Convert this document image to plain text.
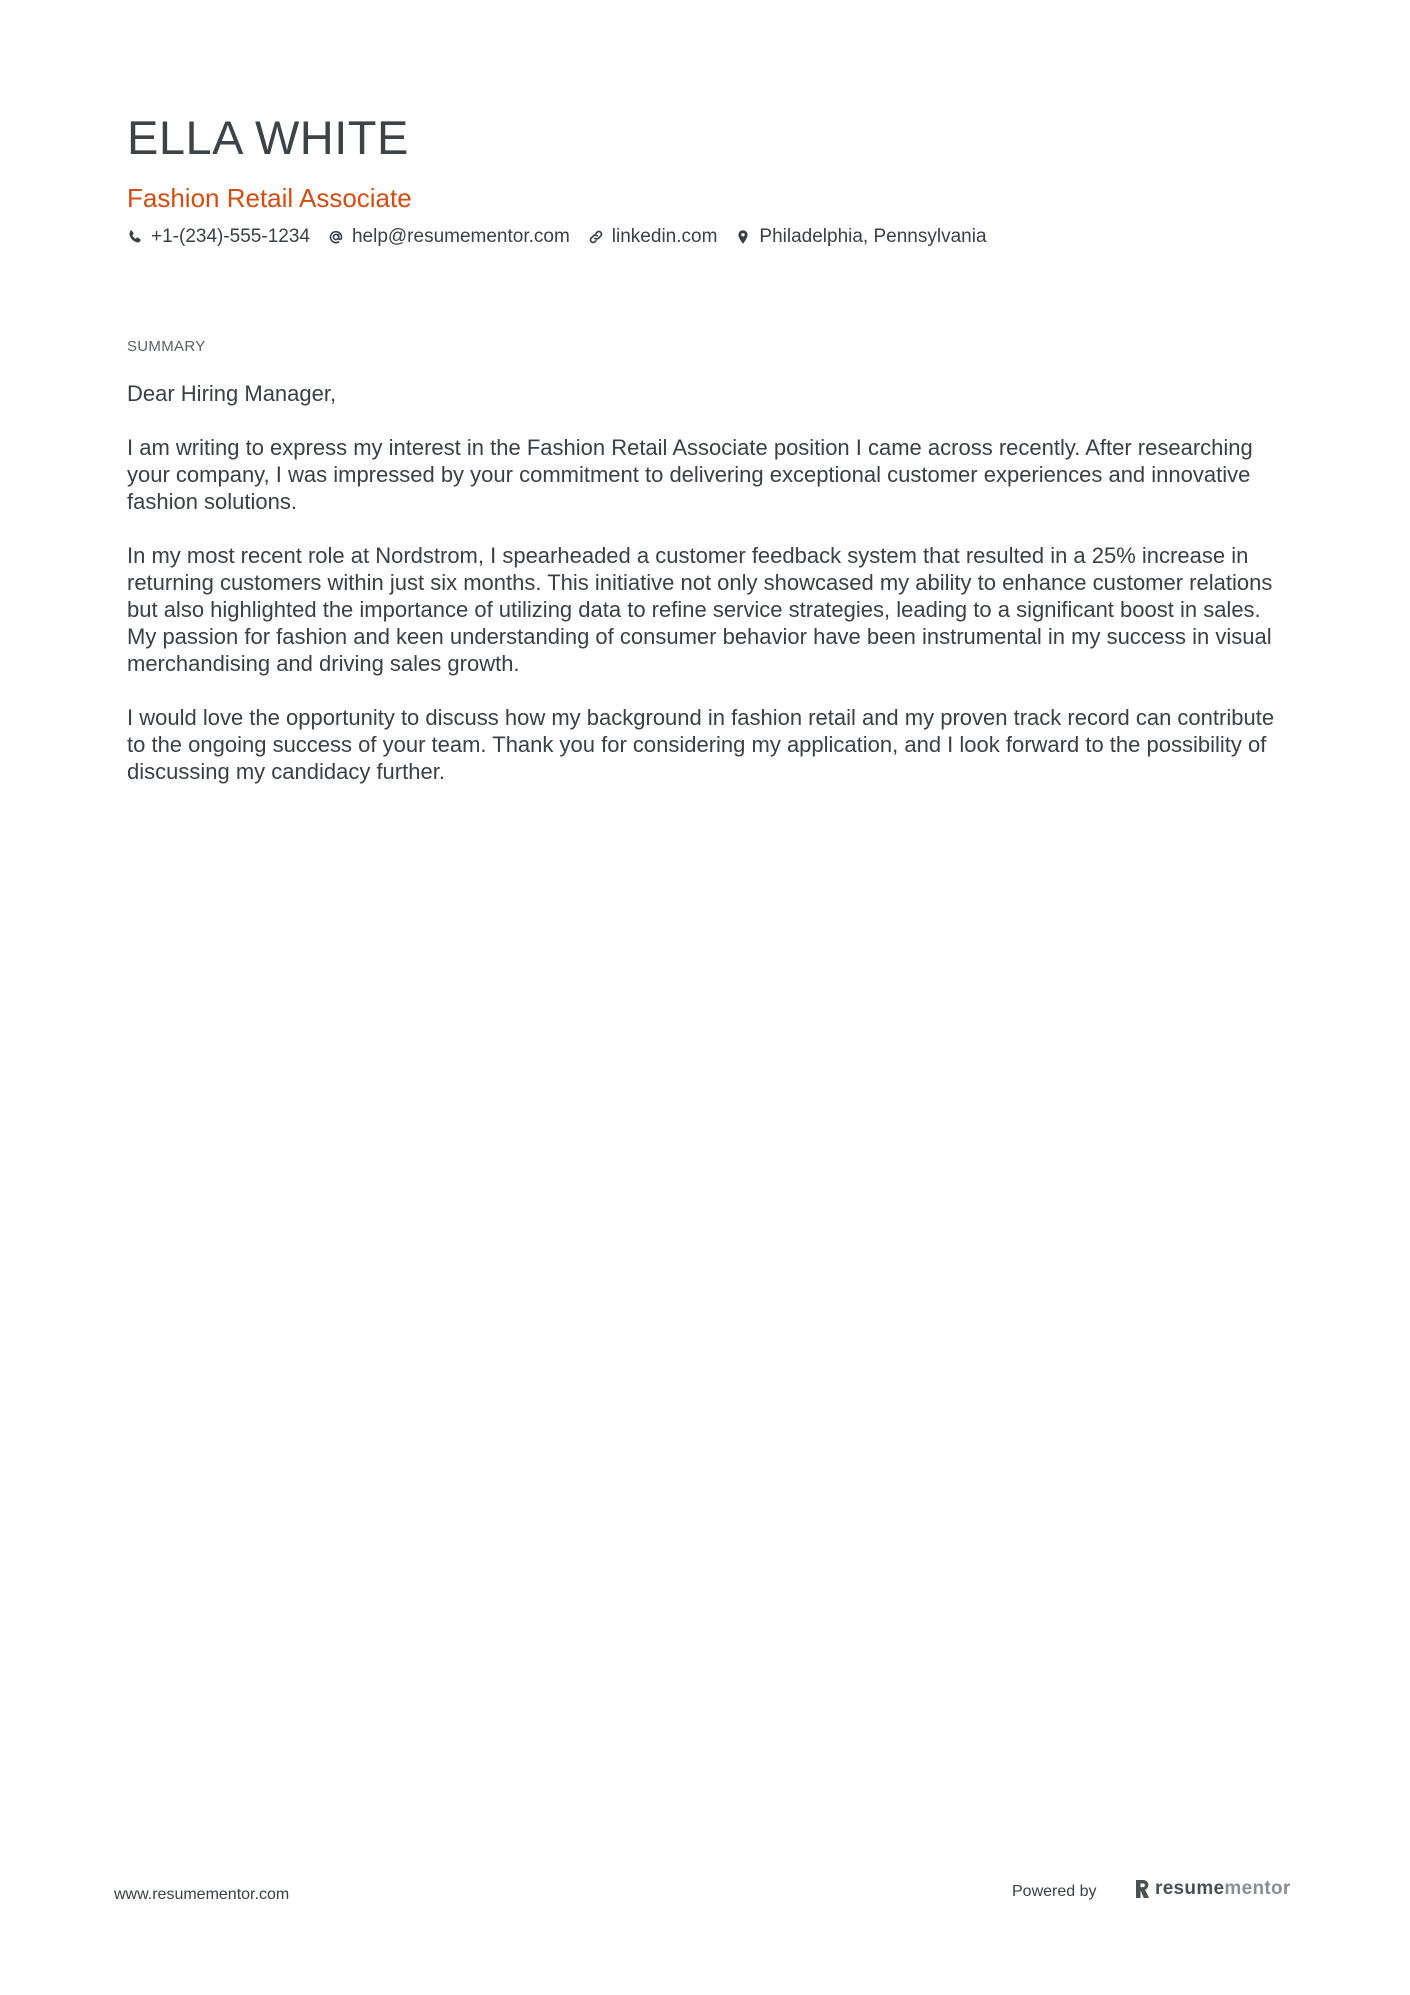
ELLA WHITE
Fashion Retail Associate
+1-(234)-555-1234 help@resumementor.com linkedin.com Philadelphia, Pennsylvania
SUMMARY

Dear Hiring Manager,

I am writing to express my interest in the Fashion Retail Associate position I came across recently. After researching your company, I was impressed by your commitment to delivering exceptional customer experiences and innovative fashion solutions.

In my most recent role at Nordstrom, I spearheaded a customer feedback system that resulted in a 25% increase in returning customers within just six months. This initiative not only showcased my ability to enhance customer relations but also highlighted the importance of utilizing data to refine service strategies, leading to a significant boost in sales. My passion for fashion and keen understanding of consumer behavior have been instrumental in my success in visual merchandising and driving sales growth.

I would love the opportunity to discuss how my background in fashion retail and my proven track record can contribute to the ongoing success of your team. Thank you for considering my application, and I look forward to the possibility of discussing my candidacy further.

www.resumementor.com	Powered by	resume mentor
